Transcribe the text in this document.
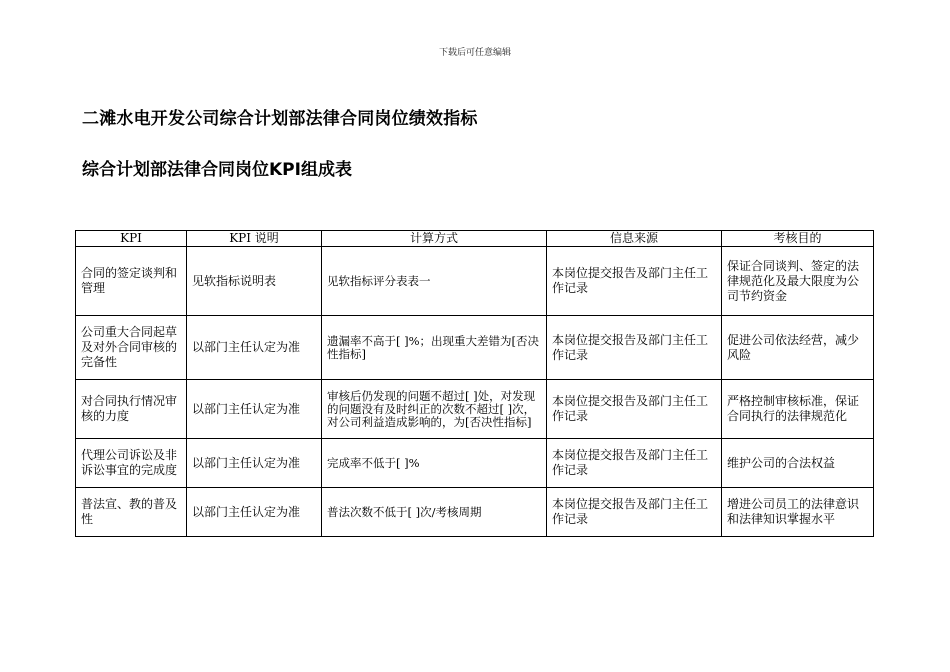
下载后可任意编辑
二滩水电开发公司综合计划部法律合同岗位绩效指标
综合计划部法律合同岗位KPI组成表
KPI	KPI 说明	计算方式	信息来源	考核目的
合同的签定谈判和管理	见软指标说明表	见软指标评分表表一	本岗位提交报告及部门主任工作记录	保证合同谈判、签定的法律规范化及最大限度为公司节约资金
公司重大合同起草及对外合同审核的完备性	以部门主任认定为准	遗漏率不高于[ ]%；出现重大差错为[否决性指标]	本岗位提交报告及部门主任工作记录	促进公司依法经营，减少风险
对合同执行情况审核的力度	以部门主任认定为准	审核后仍发现的问题不超过[ ]处，对发现的问题没有及时纠正的次数不超过[ ]次，对公司利益造成影响的，为[否决性指标]	本岗位提交报告及部门主任工作记录	严格控制审核标准，保证合同执行的法律规范化
代理公司诉讼及非诉讼事宜的完成度	以部门主任认定为准	完成率不低于[ ]%	本岗位提交报告及部门主任工作记录	维护公司的合法权益
普法宣、教的普及性	以部门主任认定为准	普法次数不低于[ ]次/考核周期	本岗位提交报告及部门主任工作记录	增进公司员工的法律意识和法律知识掌握水平
